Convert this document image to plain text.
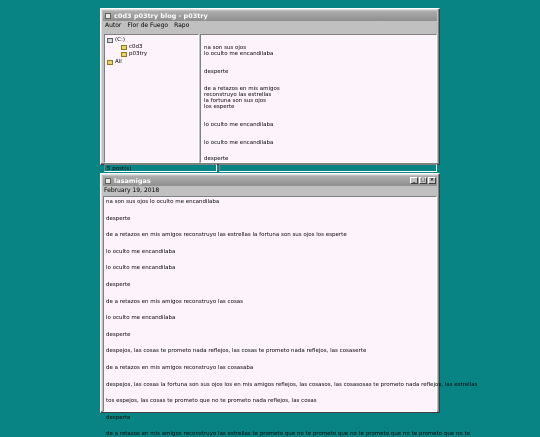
c0d3 p03try blog - p03try
Autor Flor de Fuego Rapo
(C:)
c0d3
p03try
All

na son sus ojos
lo oculto me encandilaba

desperte

de a retazos en mis amigos
reconstruyo las estrellas
la fortuna son sus ojos
los esperte

lo oculto me encandilaba

lo oculto me encandilaba

desperte

5 post(s)
lasamigas	_	□ ×
February 19, 2018

na son sus ojos lo oculto me encandilaba

desperte

de a retazos en mis amigos reconstruyo las estrellas la fortuna son sus ojos los esperte

lo oculto me encandilaba

lo oculto me encandilaba

desperte

de a retazos en mis amigos reconstruyo las cosas

lo oculto me encandilaba

desperte

despejos, las cosas te prometo nada reflejos, las cosas te prometo nada reflejos, las cosaserte

de a retazos en mis amigos reconstruyo las cosasaba

despejos, las cosas la fortuna son sus ojos los en mis amigos reflejos, las cosasos, las cosasosas te prometo nada reflejos, las estrellas

tos espejos, las cosas te prometo que no te prometo nada reflejos, las cosas

desperte

de a retazos en mis amigos reconstruyo las estrellas te prometo que no te prometo que no te prometo que no te prometo que no te
